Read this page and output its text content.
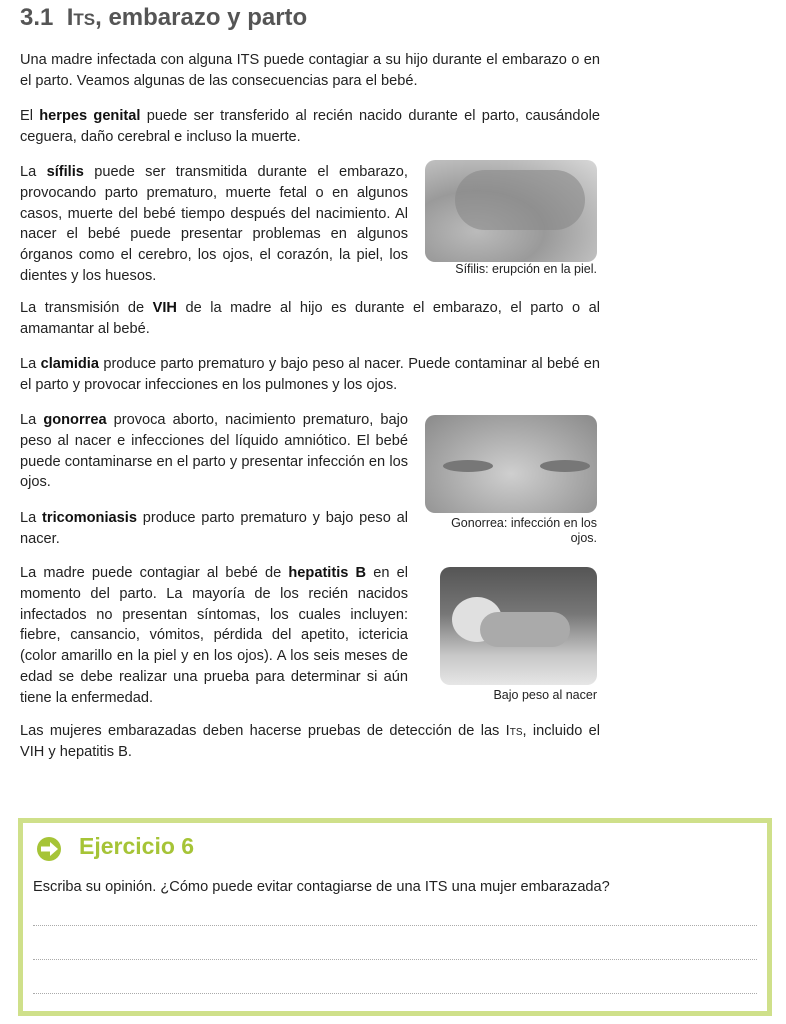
3.1 Its, embarazo y parto

Una madre infectada con alguna ITS puede contagiar a su hijo durante el embarazo o en el parto. Veamos algunas de las consecuencias para el bebé.

El herpes genital puede ser transferido al recién nacido durante el parto, causándole ceguera, daño cerebral e incluso la muerte.

La sífilis puede ser transmitida durante el embarazo, provocando parto prematuro, muerte fetal o en algunos casos, muerte del bebé tiempo después del nacimiento. Al nacer el bebé puede presentar problemas en algunos órganos como el cerebro, los ojos, el corazón, la piel, los dientes y los huesos.	Sífilis: erupción en la piel.

La transmisión de VIH de la madre al hijo es durante el embarazo, el parto o al amamantar al bebé.

La clamidia produce parto prematuro y bajo peso al nacer. Puede contaminar al bebé en el parto y provocar infecciones en los pulmones y los ojos.

La gonorrea provoca aborto, nacimiento prematuro, bajo peso al nacer e infecciones del líquido amniótico. El bebé puede contaminarse en el parto y presentar infección en los ojos.

Gonorrea: infección en los ojos.

La tricomoniasis produce parto prematuro y bajo peso al nacer.

La madre puede contagiar al bebé de hepatitis B en el momento del parto. La mayoría de los recién nacidos infectados no presentan síntomas, los cuales incluyen: fiebre, cansancio, vómitos, pérdida del apetito, ictericia (color amarillo en la piel y en los ojos). A los seis meses de edad se debe realizar una prueba para determinar si aún tiene la enfermedad.	Bajo peso al nacer

Las mujeres embarazadas deben hacerse pruebas de detección de las Its, incluido el VIH y hepatitis B.

Ejercicio 6
Escriba su opinión. ¿Cómo puede evitar contagiarse de una ITS una mujer embarazada?
